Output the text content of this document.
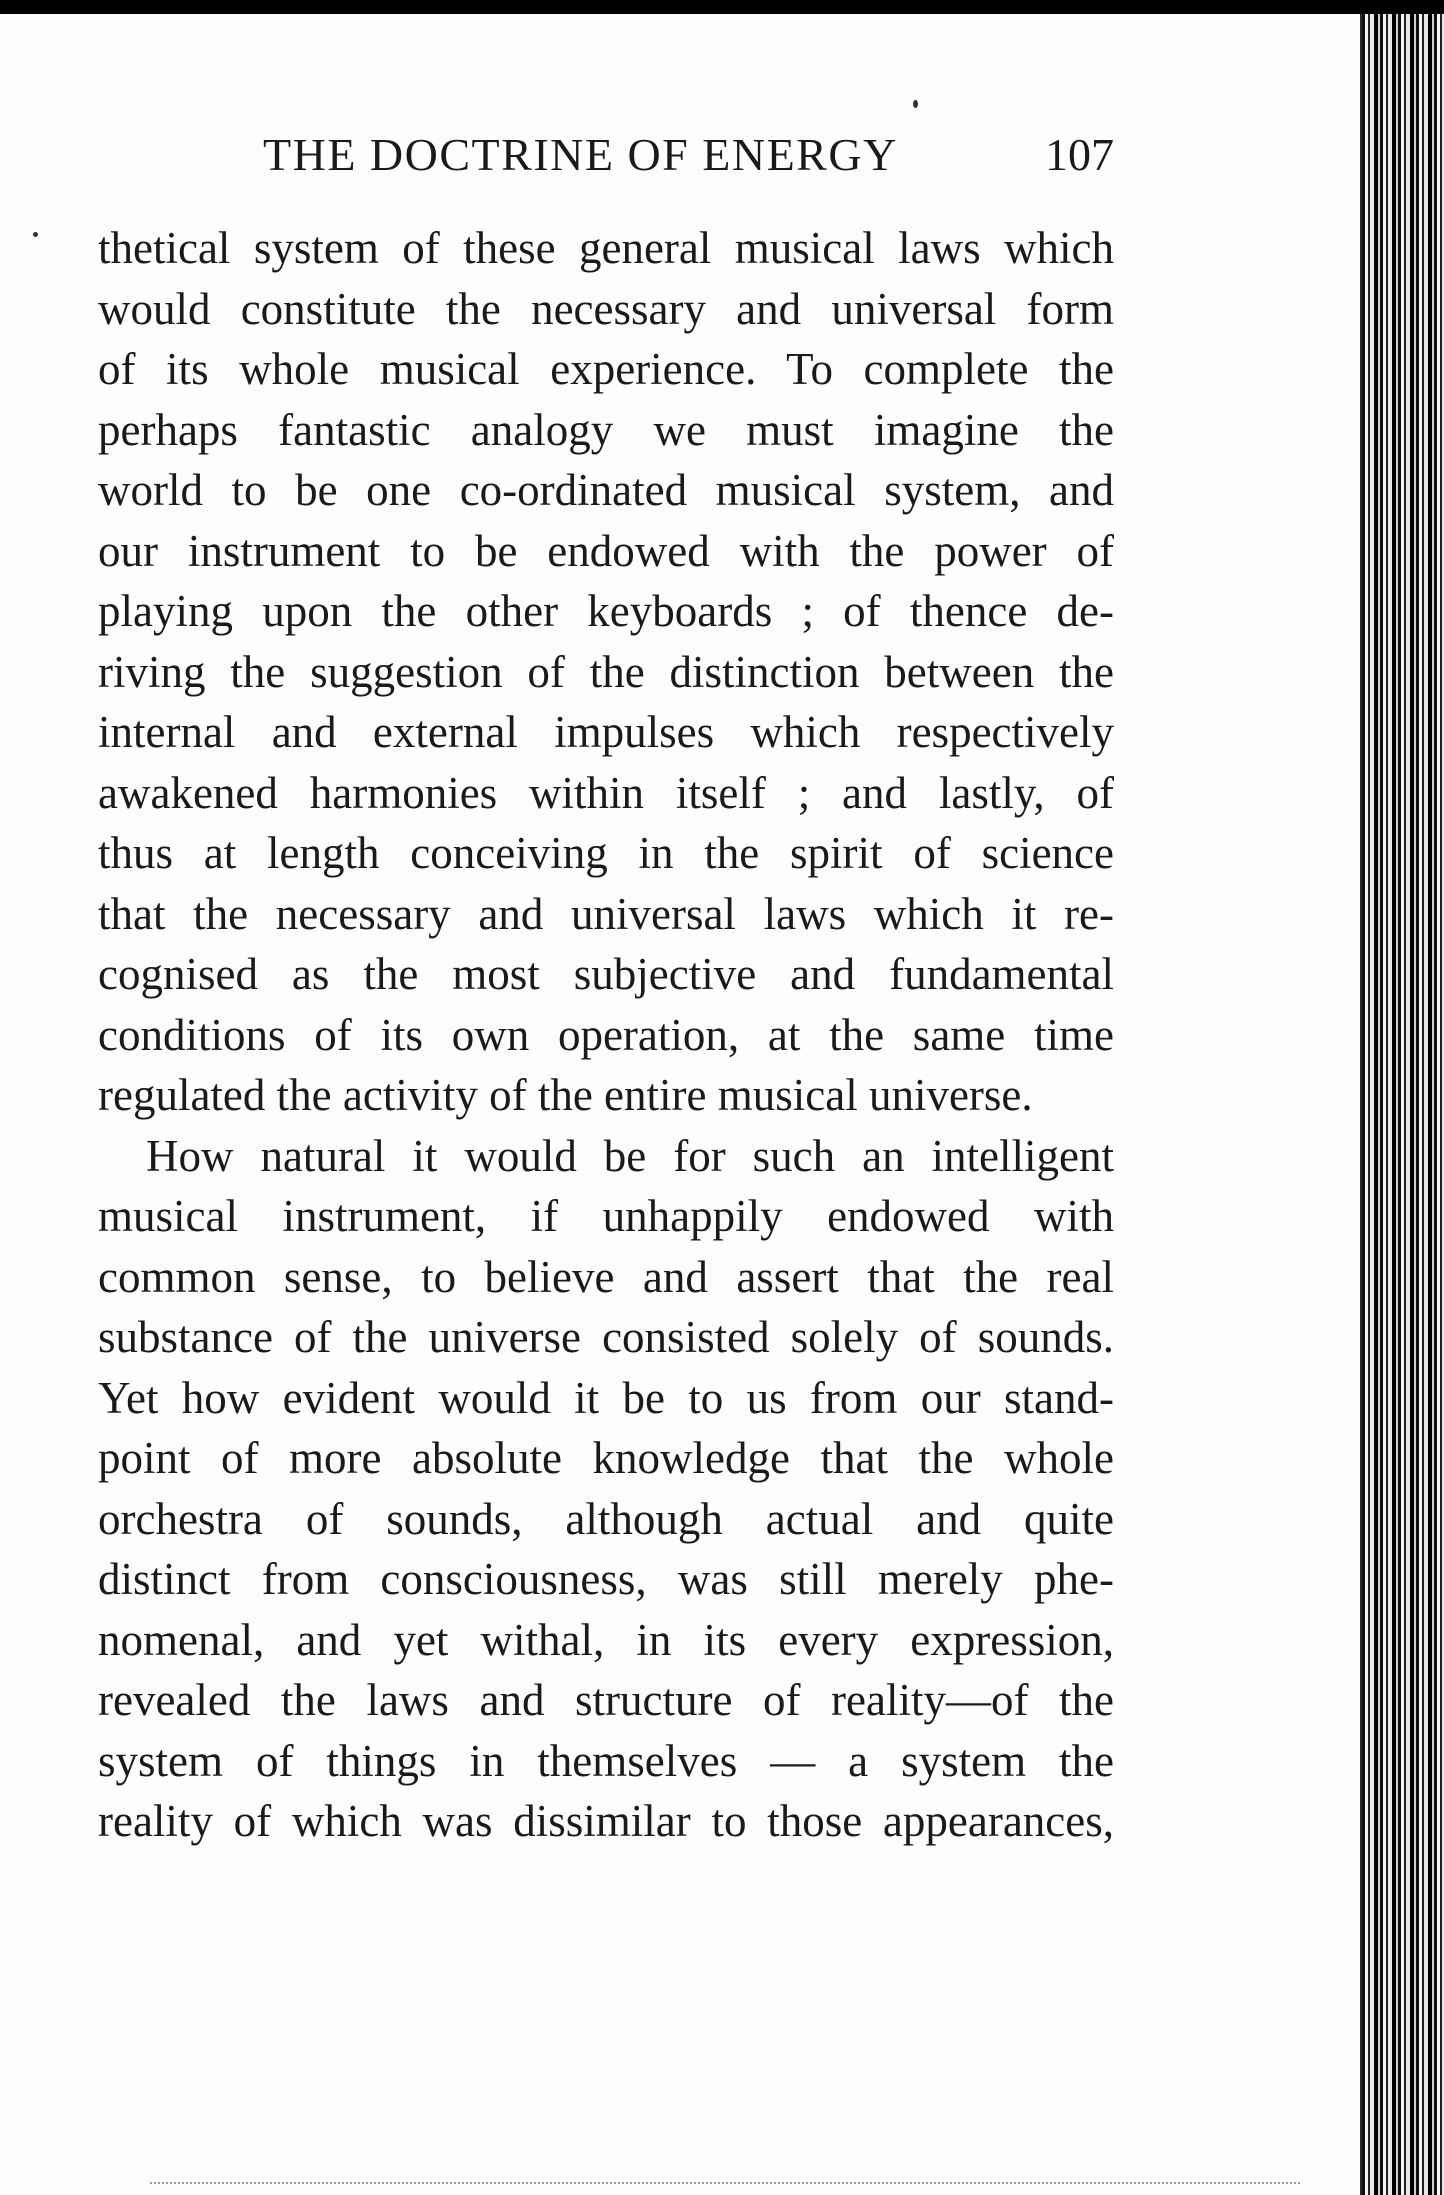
THE DOCTRINE OF ENERGY	107

thetical system of these general musical laws which
would constitute the necessary and universal form
of its whole musical experience. To complete the
perhaps fantastic analogy we must imagine the
world to be one co-ordinated musical system, and
our instrument to be endowed with the power of
playing upon the other keyboards ; of thence de-
riving the suggestion of the distinction between the
internal and external impulses which respectively
awakened harmonies within itself ; and lastly, of
thus at length conceiving in the spirit of science
that the necessary and universal laws which it re-
cognised as the most subjective and fundamental
conditions of its own operation, at the same time
regulated the activity of the entire musical universe.

How natural it would be for such an intelligent
musical instrument, if unhappily endowed with
common sense, to believe and assert that the real
substance of the universe consisted solely of sounds.
Yet how evident would it be to us from our stand-
point of more absolute knowledge that the whole
orchestra of sounds, although actual and quite
distinct from consciousness, was still merely phe-
nomenal, and yet withal, in its every expression,
revealed the laws and structure of reality—of the
system of things in themselves — a system the
reality of which was dissimilar to those appearances,
